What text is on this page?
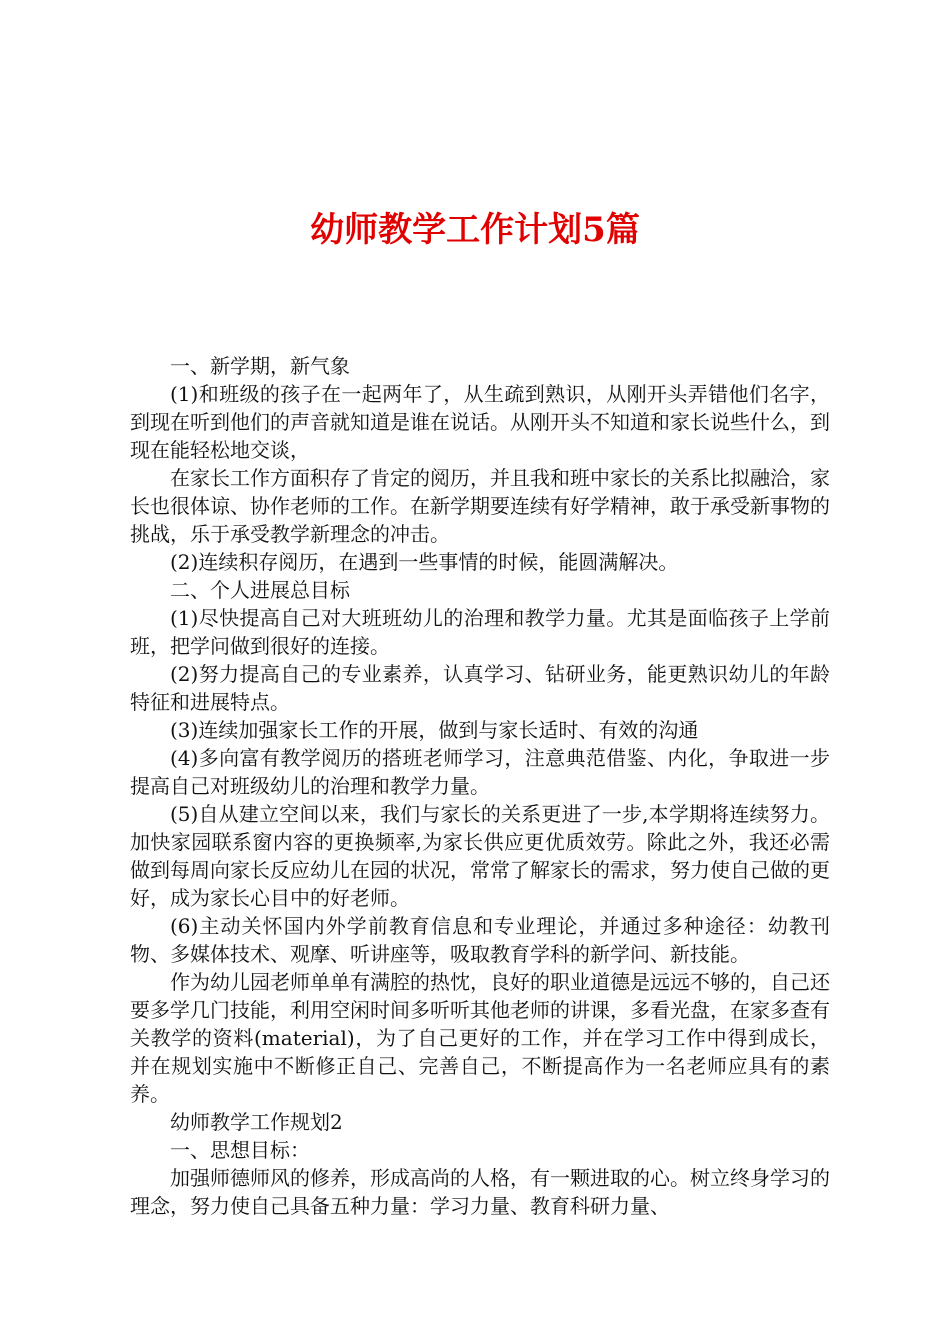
幼师教学工作计划5篇

一、新学期，新气象

(1)和班级的孩子在一起两年了，从生疏到熟识，从刚开头弄错他们名字，到现在听到他们的声音就知道是谁在说话。从刚开头不知道和家长说些什么，到现在能轻松地交谈，

在家长工作方面积存了肯定的阅历，并且我和班中家长的关系比拟融洽，家长也很体谅、协作老师的工作。在新学期要连续有好学精神，敢于承受新事物的挑战，乐于承受教学新理念的冲击。

(2)连续积存阅历，在遇到一些事情的时候，能圆满解决。

二、个人进展总目标

(1)尽快提高自己对大班班幼儿的治理和教学力量。尤其是面临孩子上学前班，把学问做到很好的连接。

(2)努力提高自己的专业素养，认真学习、钻研业务，能更熟识幼儿的年龄特征和进展特点。

(3)连续加强家长工作的开展，做到与家长适时、有效的沟通

(4)多向富有教学阅历的搭班老师学习，注意典范借鉴、内化，争取进一步提高自己对班级幼儿的治理和教学力量。

(5)自从建立空间以来，我们与家长的关系更进了一步,本学期将连续努力。加快家园联系窗内容的更换频率,为家长供应更优质效劳。除此之外，我还必需做到每周向家长反应幼儿在园的状况，常常了解家长的需求，努力使自己做的更好，成为家长心目中的好老师。

(6)主动关怀国内外学前教育信息和专业理论，并通过多种途径：幼教刊物、多媒体技术、观摩、听讲座等，吸取教育学科的新学问、新技能。

作为幼儿园老师单单有满腔的热忱，良好的职业道德是远远不够的，自己还要多学几门技能，利用空闲时间多听听其他老师的讲课，多看光盘，在家多查有关教学的资料(material)，为了自己更好的工作，并在学习工作中得到成长，并在规划实施中不断修正自己、完善自己，不断提高作为一名老师应具有的素养。

幼师教学工作规划2

一、思想目标：

加强师德师风的修养，形成高尚的人格，有一颗进取的心。树立终身学习的理念，努力使自己具备五种力量：学习力量、教育科研力量、
